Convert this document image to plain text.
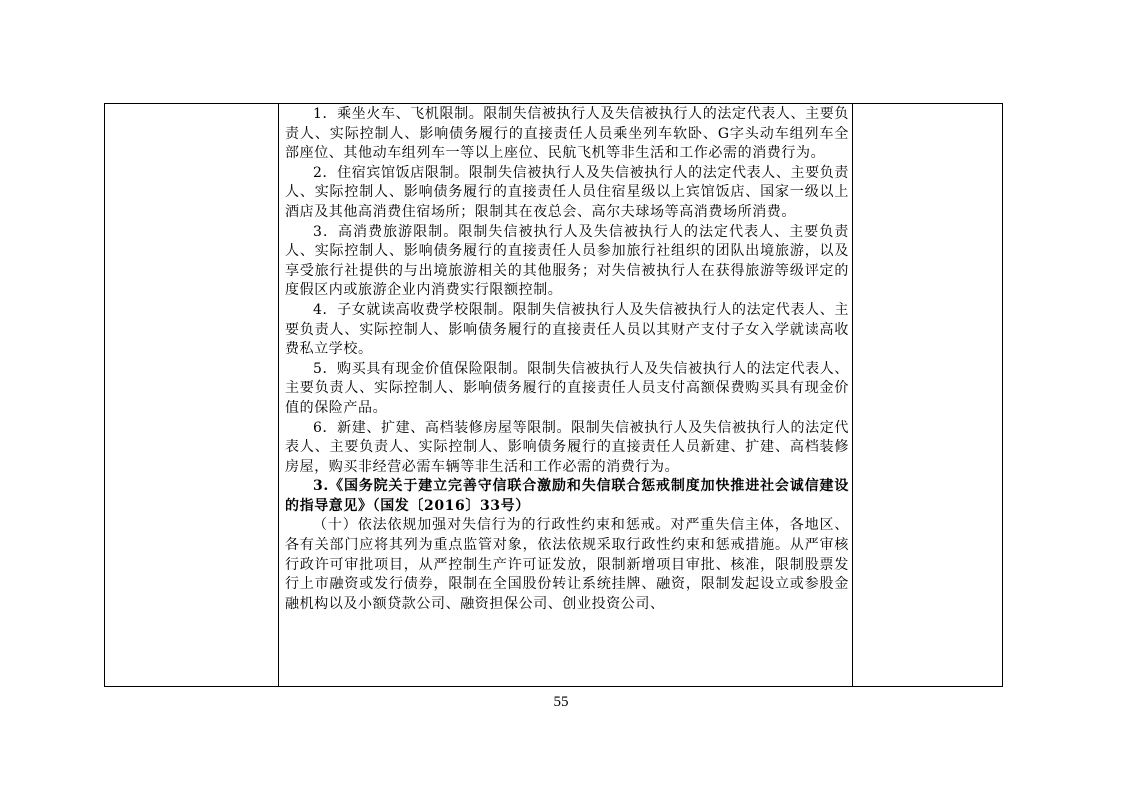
1．乘坐火车、飞机限制。限制失信被执行人及失信被执行人的法定代表人、主要负责人、实际控制人、影响债务履行的直接责任人员乘坐列车软卧、G字头动车组列车全部座位、其他动车组列车一等以上座位、民航飞机等非生活和工作必需的消费行为。

2．住宿宾馆饭店限制。限制失信被执行人及失信被执行人的法定代表人、主要负责人、实际控制人、影响债务履行的直接责任人员住宿星级以上宾馆饭店、国家一级以上酒店及其他高消费住宿场所；限制其在夜总会、高尔夫球场等高消费场所消费。

3．高消费旅游限制。限制失信被执行人及失信被执行人的法定代表人、主要负责人、实际控制人、影响债务履行的直接责任人员参加旅行社组织的团队出境旅游，以及享受旅行社提供的与出境旅游相关的其他服务；对失信被执行人在获得旅游等级评定的度假区内或旅游企业内消费实行限额控制。

4．子女就读高收费学校限制。限制失信被执行人及失信被执行人的法定代表人、主要负责人、实际控制人、影响债务履行的直接责任人员以其财产支付子女入学就读高收费私立学校。

5．购买具有现金价值保险限制。限制失信被执行人及失信被执行人的法定代表人、主要负责人、实际控制人、影响债务履行的直接责任人员支付高额保费购买具有现金价值的保险产品。

6．新建、扩建、高档装修房屋等限制。限制失信被执行人及失信被执行人的法定代表人、主要负责人、实际控制人、影响债务履行的直接责任人员新建、扩建、高档装修房屋，购买非经营必需车辆等非生活和工作必需的消费行为。

3.《国务院关于建立完善守信联合激励和失信联合惩戒制度加快推进社会诚信建设的指导意见》（国发〔2016〕33号）

（十）依法依规加强对失信行为的行政性约束和惩戒。对严重失信主体，各地区、各有关部门应将其列为重点监管对象，依法依规采取行政性约束和惩戒措施。从严审核行政许可审批项目，从严控制生产许可证发放，限制新增项目审批、核准，限制股票发行上市融资或发行债券，限制在全国股份转让系统挂牌、融资，限制发起设立或参股金融机构以及小额贷款公司、融资担保公司、创业投资公司、

55
